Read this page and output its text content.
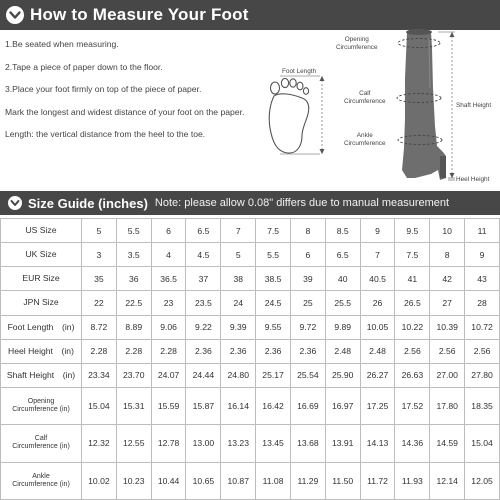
How to Measure Your Foot

1.Be seated when measuring.

2.Tape a piece of paper down to the floor.

3.Place your foot firmly on top of the piece of paper.

Mark the longest and widest distance of your foot on the paper.

Length: the vertical distance from the heel to the toe.

Foot Length
Opening
Circumference
Calf
Circumference
Ankle
Circumference
Shaft Height
Heel Height
Size Guide (inches) Note: please allow 0.08" differs due to manual measurement
US Size	5	5.5	6	6.5	7	7.5	8	8.5	9	9.5	10	11
UK Size	3	3.5	4	4.5	5	5.5	6	6.5	7	7.5	8	9
EUR Size	35	36	36.5	37	38	38.5	39	40	40.5	41	42	43
JPN Size	22	22.5	23	23.5	24	24.5	25	25.5	26	26.5	27	28
Foot Length　(in)	8.72	8.89	9.06	9.22	9.39	9.55	9.72	9.89	10.05	10.22	10.39	10.72
Heel Height　(in)	2.28	2.28	2.28	2.36	2.36	2.36	2.36	2.48	2.48	2.56	2.56	2.56
Shaft Height　(in)	23.34	23.70	24.07	24.44	24.80	25.17	25.54	25.90	26.27	26.63	27.00	27.80
Opening
Circumference (in)	15.04	15.31	15.59	15.87	16.14	16.42	16.69	16.97	17.25	17.52	17.80	18.35
Calf
Circumference (in)	12.32	12.55	12.78	13.00	13.23	13.45	13.68	13.91	14.13	14.36	14.59	15.04
Ankle
Circumference (in)	10.02	10.23	10.44	10.65	10.87	11.08	11.29	11.50	11.72	11.93	12.14	12.05
